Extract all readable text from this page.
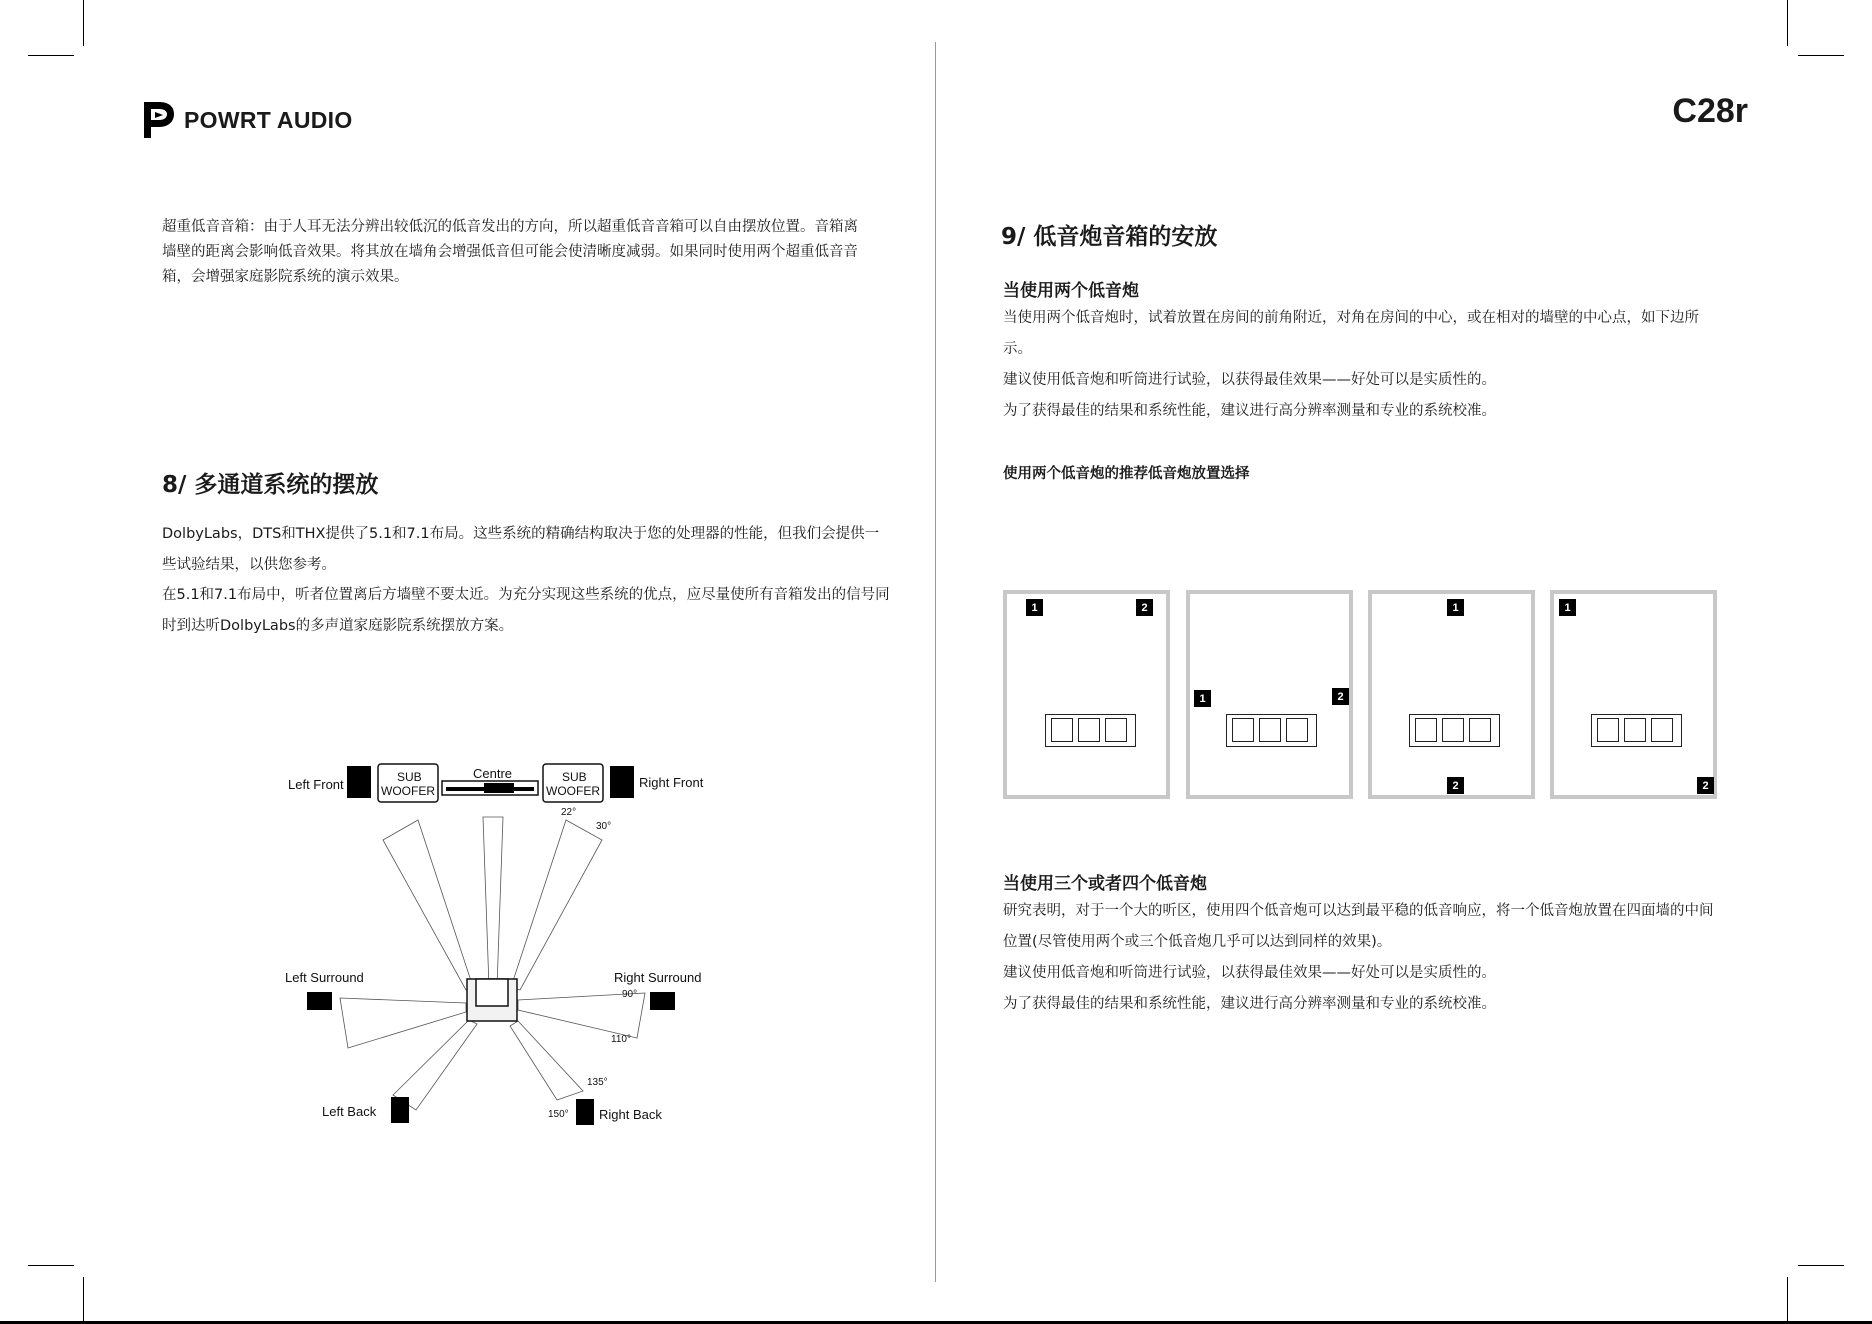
POWRT AUDIO	C28r

超重低音音箱：由于人耳无法分辨出较低沉的低音发出的方向，所以超重低音音箱可以自由摆放位置。音箱离墙壁的距离会影响低音效果。将其放在墙角会增强低音但可能会使清晰度减弱。如果同时使用两个超重低音音箱，会增强家庭影院系统的演示效果。

8/ 多通道系统的摆放

DolbyLabs，DTS和THX提供了5.1和7.1布局。这些系统的精确结构取决于您的处理器的性能，但我们会提供一些试验结果，以供您参考。

在5.1和7.1布局中，听者位置离后方墙壁不要太近。为充分实现这些系统的优点，应尽量使所有音箱发出的信号同时到达听DolbyLabs的多声道家庭影院系统摆放方案。

Left Front	Right Front
Centre
SUB
WOOFER
SUB
WOOFER
Left Surround	Right Surround
Left Back	Right Back
22°
30°
90°
110°
135°
150°
9/ 低音炮音箱的安放
当使用两个低音炮

当使用两个低音炮时，试着放置在房间的前角附近，对角在房间的中心，或在相对的墙壁的中心点，如下边所示。

建议使用低音炮和听筒进行试验，以获得最佳效果——好处可以是实质性的。

为了获得最佳的结果和系统性能，建议进行高分辨率测量和专业的系统校准。

使用两个低音炮的推荐低音炮放置选择
1	2
1	2
1
2
1
2
当使用三个或者四个低音炮

研究表明，对于一个大的听区，使用四个低音炮可以达到最平稳的低音响应，将一个低音炮放置在四面墙的中间位置(尽管使用两个或三个低音炮几乎可以达到同样的效果)。

建议使用低音炮和听筒进行试验，以获得最佳效果——好处可以是实质性的。

为了获得最佳的结果和系统性能，建议进行高分辨率测量和专业的系统校准。
